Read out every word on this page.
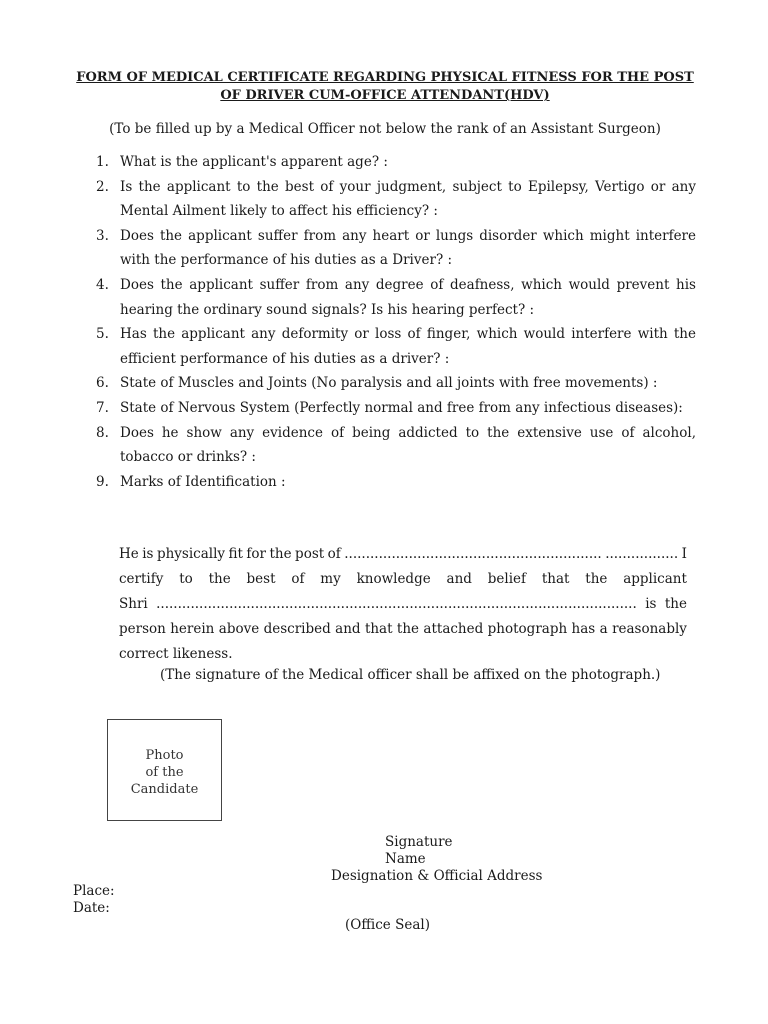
FORM OF MEDICAL CERTIFICATE REGARDING PHYSICAL FITNESS FOR THE POST
OF DRIVER CUM-OFFICE ATTENDANT(HDV)
(To be filled up by a Medical Officer not below the rank of an Assistant Surgeon)
1. What is the applicant's apparent age? :
2. Is the applicant to the best of your judgment, subject to Epilepsy, Vertigo or any Mental Ailment likely to affect his efficiency? :
3. Does the applicant suffer from any heart or lungs disorder which might interfere with the performance of his duties as a Driver? :
4. Does the applicant suffer from any degree of deafness, which would prevent his hearing the ordinary sound signals? Is his hearing perfect? :
5. Has the applicant any deformity or loss of finger, which would interfere with the efficient performance of his duties as a driver? :
6. State of Muscles and Joints (No paralysis and all joints with free movements) :
7. State of Nervous System (Perfectly normal and free from any infectious diseases):
8. Does he show any evidence of being addicted to the extensive use of alcohol, tobacco or drinks? :
9. Marks of Identification :
He is physically fit for the post of ............................................................ ................. I
certify to the best of my knowledge and belief that the applicant
Shri ................................................................................................................ is the
person herein above described and that the attached photograph has a reasonably
correct likeness.
(The signature of the Medical officer shall be affixed on the photograph.)
Photo
of the
Candidate
Signature
Name
Designation & Official Address
Place:
Date:
(Office Seal)
